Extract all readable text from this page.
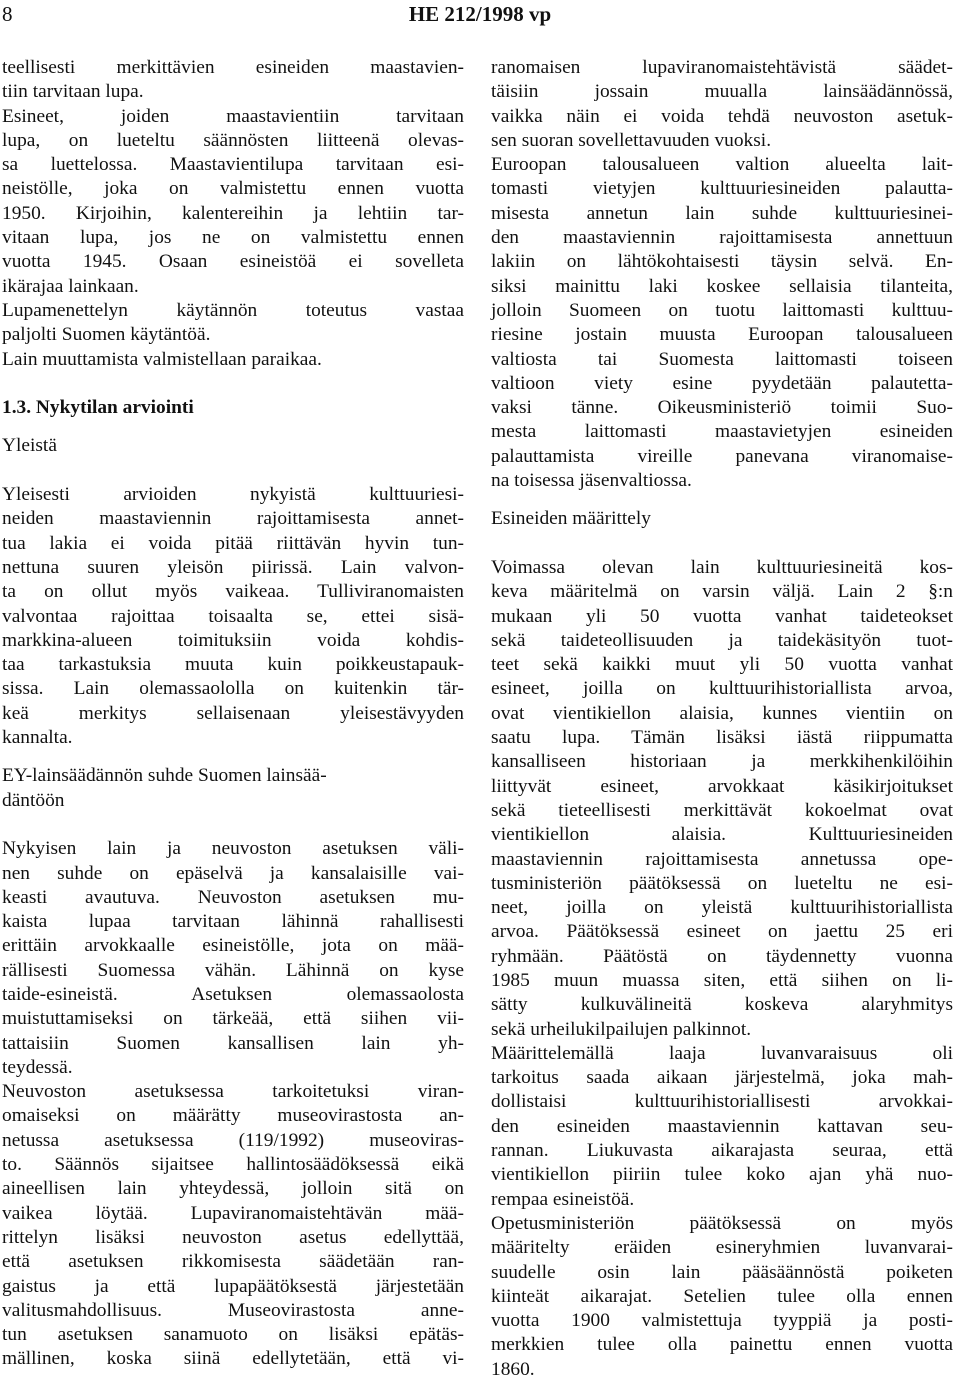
8	HE 212/1998 vp
teellisesti merkittävien esineiden maastavien-
tiin tarvitaan lupa.
Esineet, joiden maastavientiin tarvitaan
lupa, on lueteltu säännösten liitteenä olevas-
sa luettelossa. Maastavientilupa tarvitaan esi-
neistölle, joka on valmistettu ennen vuotta
1950. Kirjoihin, kalentereihin ja lehtiin tar-
vitaan lupa, jos ne on valmistettu ennen
vuotta 1945. Osaan esineistöä ei sovelleta
ikärajaa lainkaan.
Lupamenettelyn käytännön toteutus vastaa
paljolti Suomen käytäntöä.
Lain muuttamista valmistellaan paraikaa.
1.3. Nykytilan arviointi
Yleistä
Yleisesti arvioiden nykyistä kulttuuriesi-
neiden maastaviennin rajoittamisesta annet-
tua lakia ei voida pitää riittävän hyvin tun-
nettuna suuren yleisön piirissä. Lain valvon-
ta on ollut myös vaikeaa. Tulliviranomaisten
valvontaa rajoittaa toisaalta se, ettei sisä-
markkina-alueen toimituksiin voida kohdis-
taa tarkastuksia muuta kuin poikkeustapauk-
sissa. Lain olemassaololla on kuitenkin tär-
keä merkitys sellaisenaan yleisestävyyden
kannalta.
EY-lainsäädännön suhde Suomen lainsää-
däntöön
Nykyisen lain ja neuvoston asetuksen väli-
nen suhde on epäselvä ja kansalaisille vai-
keasti avautuva. Neuvoston asetuksen mu-
kaista lupaa tarvitaan lähinnä rahallisesti
erittäin arvokkaalle esineistölle, jota on mää-
rällisesti Suomessa vähän. Lähinnä on kyse
taide-esineistä. Asetuksen olemassaolosta
muistuttamiseksi on tärkeää, että siihen vii-
tattaisiin Suomen kansallisen lain yh-
teydessä.
Neuvoston asetuksessa tarkoitetuksi viran-
omaiseksi on määrätty museovirastosta an-
netussa asetuksessa (119/1992) museoviras-
to. Säännös sijaitsee hallintosäädöksessä eikä
aineellisen lain yhteydessä, jolloin sitä on
vaikea löytää. Lupaviranomaistehtävän mää-
rittelyn lisäksi neuvoston asetus edellyttää,
että asetuksen rikkomisesta säädetään ran-
gaistus ja että lupapäätöksestä järjestetään
valitusmahdollisuus. Museovirastosta anne-
tun asetuksen sanamuoto on lisäksi epätäs-
mällinen, koska siinä edellytetään, että vi-
ranomaisen lupaviranomaistehtävistä säädet-
täisiin jossain muualla lainsäädännössä,
vaikka näin ei voida tehdä neuvoston asetuk-
sen suoran sovellettavuuden vuoksi.
Euroopan talousalueen valtion alueelta lait-
tomasti vietyjen kulttuuriesineiden palautta-
misesta annetun lain suhde kulttuuriesinei-
den maastaviennin rajoittamisesta annettuun
lakiin on lähtökohtaisesti täysin selvä. En-
siksi mainittu laki koskee sellaisia tilanteita,
jolloin Suomeen on tuotu laittomasti kulttuu-
riesine jostain muusta Euroopan talousalueen
valtiosta tai Suomesta laittomasti toiseen
valtioon viety esine pyydetään palautetta-
vaksi tänne. Oikeusministeriö toimii Suo-
mesta laittomasti maastavietyjen esineiden
palauttamista vireille panevana viranomaise-
na toisessa jäsenvaltiossa.
Esineiden määrittely
Voimassa olevan lain kulttuuriesineitä kos-
keva määritelmä on varsin väljä. Lain 2 §:n
mukaan yli 50 vuotta vanhat taideteokset
sekä taideteollisuuden ja taidekäsityön tuot-
teet sekä kaikki muut yli 50 vuotta vanhat
esineet, joilla on kulttuurihistoriallista arvoa,
ovat vientikiellon alaisia, kunnes vientiin on
saatu lupa. Tämän lisäksi iästä riippumatta
kansalliseen historiaan ja merkkihenkilöihin
liittyvät esineet, arvokkaat käsikirjoitukset
sekä tieteellisesti merkittävät kokoelmat ovat
vientikiellon alaisia. Kulttuuriesineiden
maastaviennin rajoittamisesta annetussa ope-
tusministeriön päätöksessä on lueteltu ne esi-
neet, joilla on yleistä kulttuurihistoriallista
arvoa. Päätöksessä esineet on jaettu 25 eri
ryhmään. Päätöstä on täydennetty vuonna
1985 muun muassa siten, että siihen on li-
sätty kulkuvälineitä koskeva alaryhmitys
sekä urheilukilpailujen palkinnot.
Määrittelemällä laaja luvanvaraisuus oli
tarkoitus saada aikaan järjestelmä, joka mah-
dollistaisi kulttuurihistoriallisesti arvokkai-
den esineiden maastaviennin kattavan seu-
rannan. Liukuvasta aikarajasta seuraa, että
vientikiellon piiriin tulee koko ajan yhä nuo-
rempaa esineistöä.
Opetusministeriön päätöksessä on myös
määritelty eräiden esineryhmien luvanvarai-
suudelle osin lain pääsäännöstä poiketen
kiinteät aikarajat. Setelien tulee olla ennen
vuotta 1900 valmistettuja tyyppiä ja posti-
merkkien tulee olla painettu ennen vuotta
1860.
